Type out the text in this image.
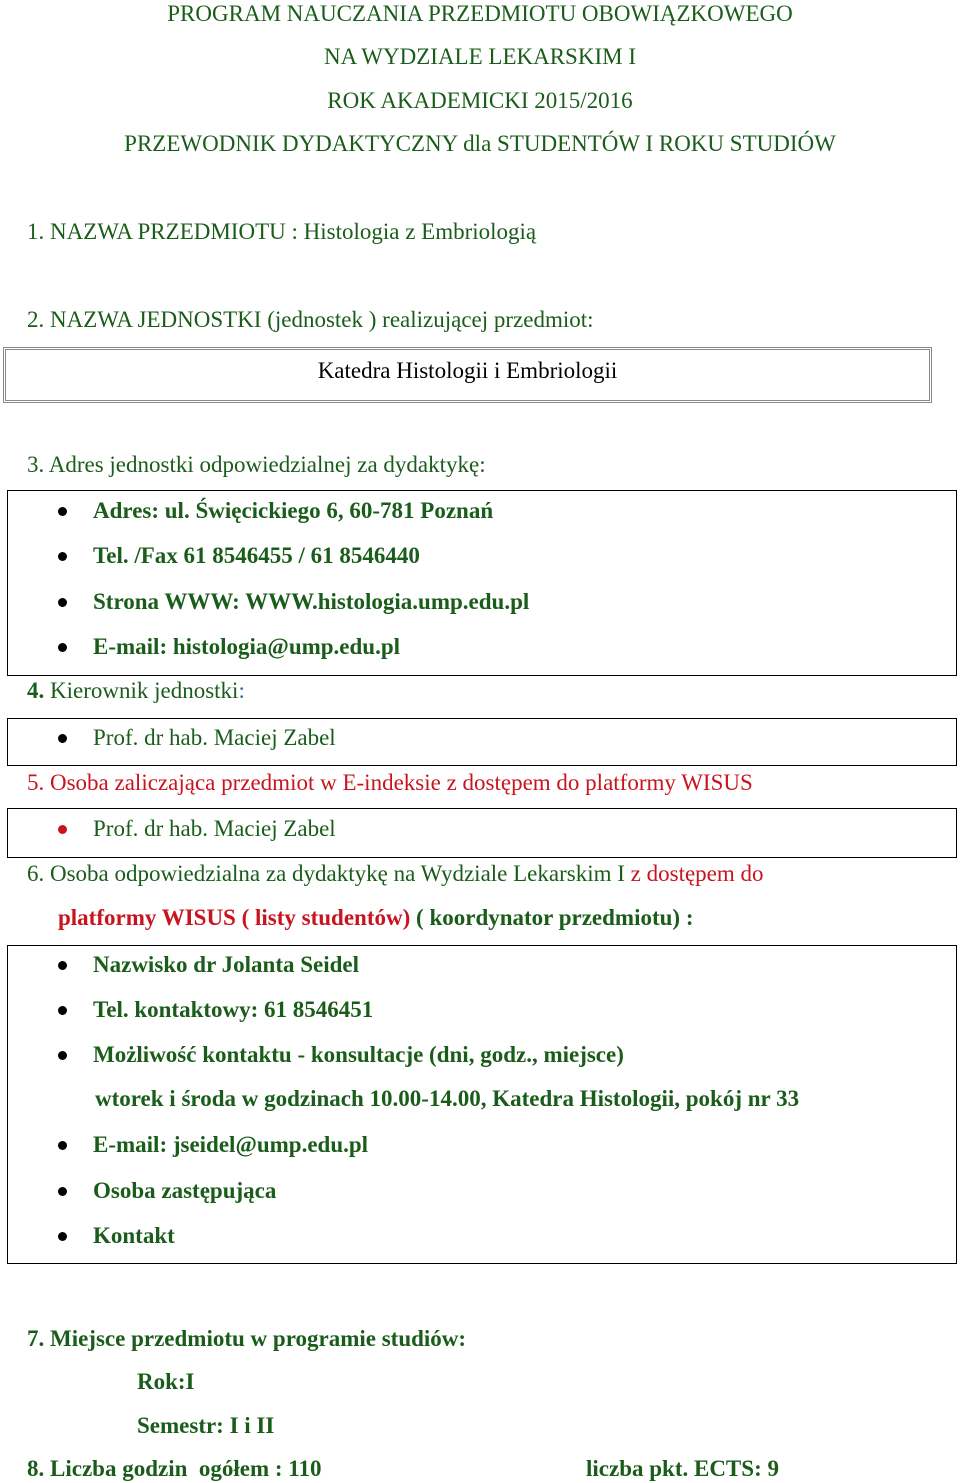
PROGRAM NAUCZANIA PRZEDMIOTU OBOWIĄZKOWEGO
NA WYDZIALE LEKARSKIM I
ROK AKADEMICKI 2015/2016
PRZEWODNIK DYDAKTYCZNY dla STUDENTÓW I ROKU STUDIÓW
1. NAZWA PRZEDMIOTU : Histologia z Embriologią
2. NAZWA JEDNOSTKI (jednostek ) realizującej przedmiot:
Katedra Histologii i Embriologii
3. Adres jednostki odpowiedzialnej za dydaktykę:
Adres: ul. Święcickiego 6, 60-781 Poznań
Tel. /Fax 61 8546455 / 61 8546440
Strona WWW: WWW.histologia.ump.edu.pl
E-mail: histologia@ump.edu.pl
4. Kierownik jednostki:
Prof. dr hab. Maciej Zabel
5. Osoba zaliczająca przedmiot w E-indeksie z dostępem do platformy WISUS
Prof. dr hab. Maciej Zabel
6. Osoba odpowiedzialna za dydaktykę na Wydziale Lekarskim I z dostępem do
platformy WISUS ( listy studentów) ( koordynator przedmiotu) :
Nazwisko dr Jolanta Seidel
Tel. kontaktowy: 61 8546451
Możliwość kontaktu - konsultacje (dni, godz., miejsce)
wtorek i środa w godzinach 10.00-14.00, Katedra Histologii, pokój nr 33
E-mail: jseidel@ump.edu.pl
Osoba zastępująca
Kontakt
7. Miejsce przedmiotu w programie studiów:
Rok:I
Semestr: I i II
8. Liczba godzin  ogółem : 110	liczba pkt. ECTS: 9
